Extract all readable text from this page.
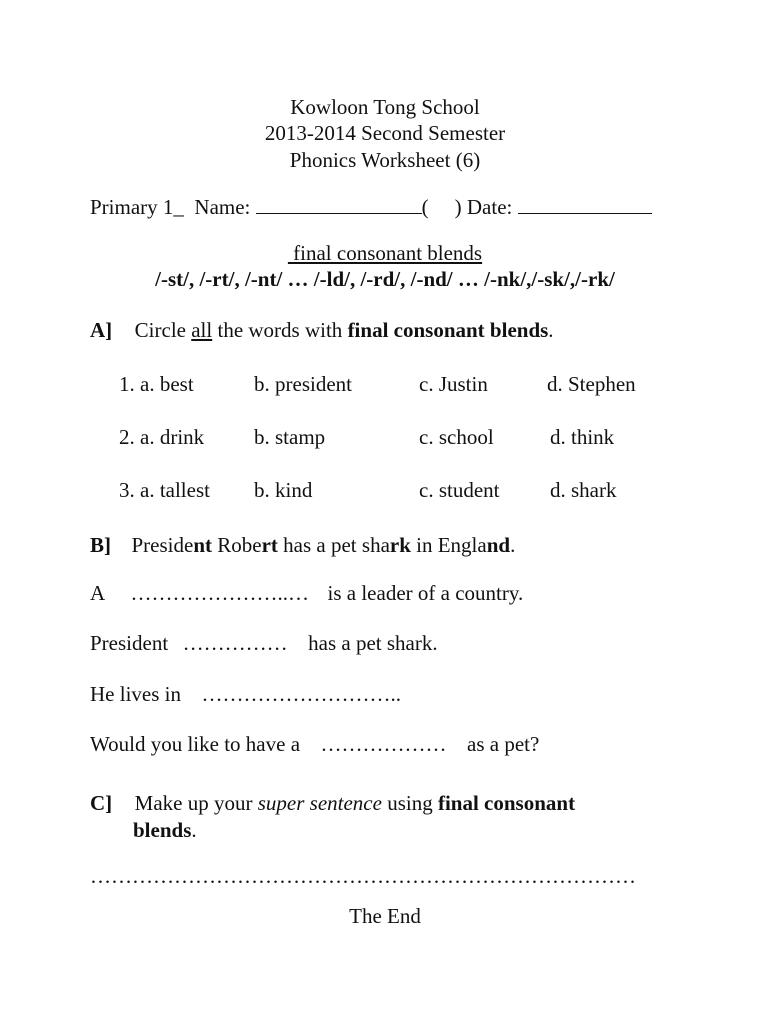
Kowloon Tong School
2013-2014 Second Semester
Phonics Worksheet (6)
Primary 1_ Name:	( ) Date:
final consonant blends
/-st/, /-rt/, /-nt/ … /-ld/, /-rd/, /-nd/ … /-nk/,/-sk/,/-rk/
A] Circle all the words with final consonant blends.
1. a. best	b. president	c. Justin	d. Stephen
2. a. drink b. stamp	c. school	d. think
3. a. tallest b. kind	c. student d. shark
B] President Robert has a pet shark in England.
A …………………..… is a leader of a country.
President …………… has a pet shark.
He lives in ………………………..
Would you like to have a ……………… as a pet?
C] Make up your super sentence using final consonant
blends.
……………………………………………………………………
The End
